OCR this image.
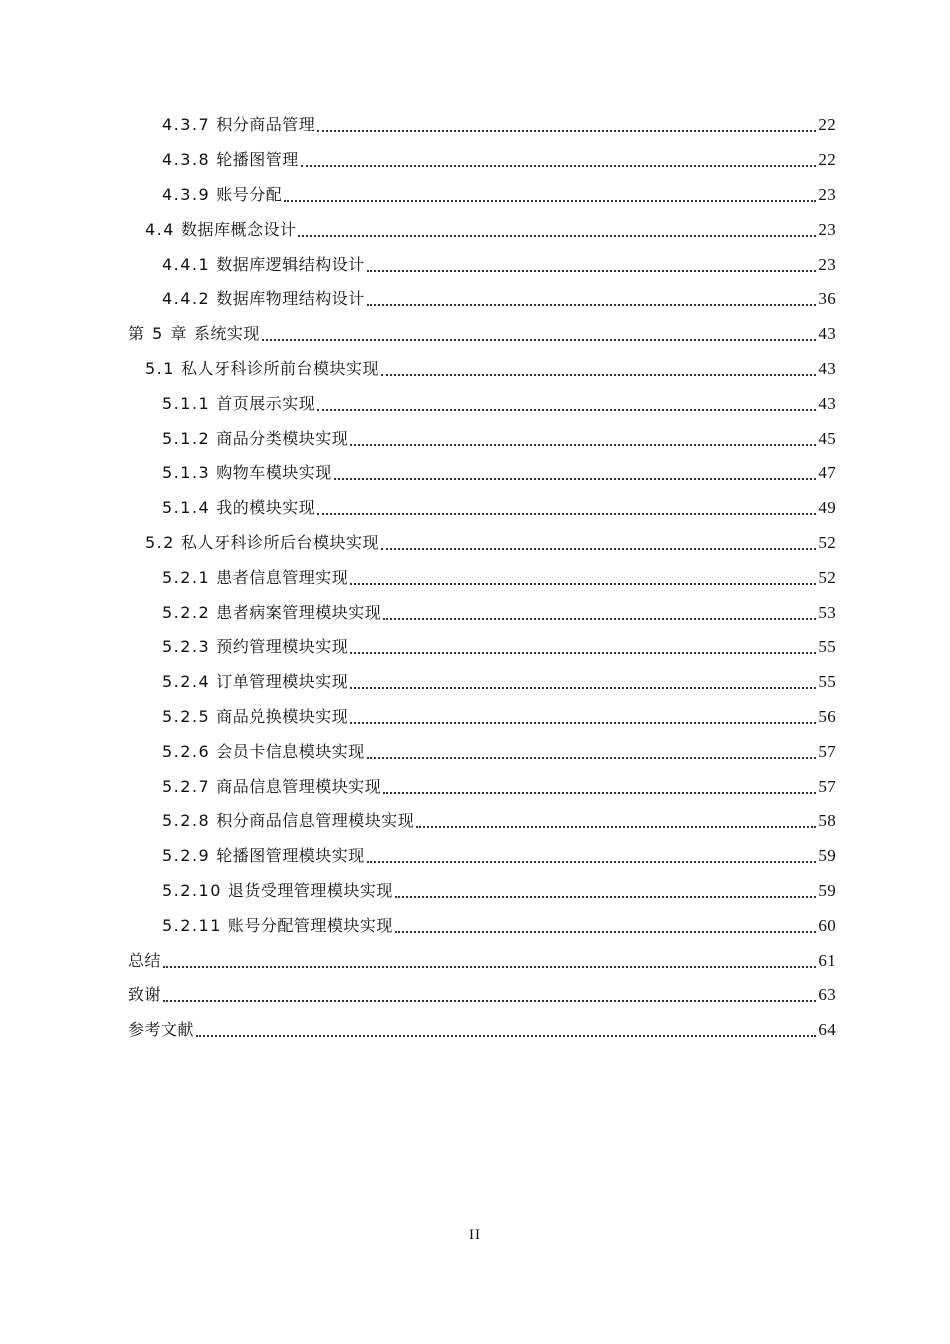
4.3.7 积分商品管理	22
4.3.8 轮播图管理	22
4.3.9 账号分配	23
4.4 数据库概念设计	23
4.4.1 数据库逻辑结构设计	23
4.4.2 数据库物理结构设计	36
第 5 章 系统实现	43
5.1 私人牙科诊所前台模块实现	43
5.1.1 首页展示实现	43
5.1.2 商品分类模块实现	45
5.1.3 购物车模块实现	47
5.1.4 我的模块实现	49
5.2 私人牙科诊所后台模块实现	52
5.2.1 患者信息管理实现	52
5.2.2 患者病案管理模块实现	53
5.2.3 预约管理模块实现	55
5.2.4 订单管理模块实现	55
5.2.5 商品兑换模块实现	56
5.2.6 会员卡信息模块实现	57
5.2.7 商品信息管理模块实现	57
5.2.8 积分商品信息管理模块实现	58
5.2.9 轮播图管理模块实现	59
5.2.10 退货受理管理模块实现	59
5.2.11 账号分配管理模块实现	60
总结	61
致谢	63
参考文献	64
II
